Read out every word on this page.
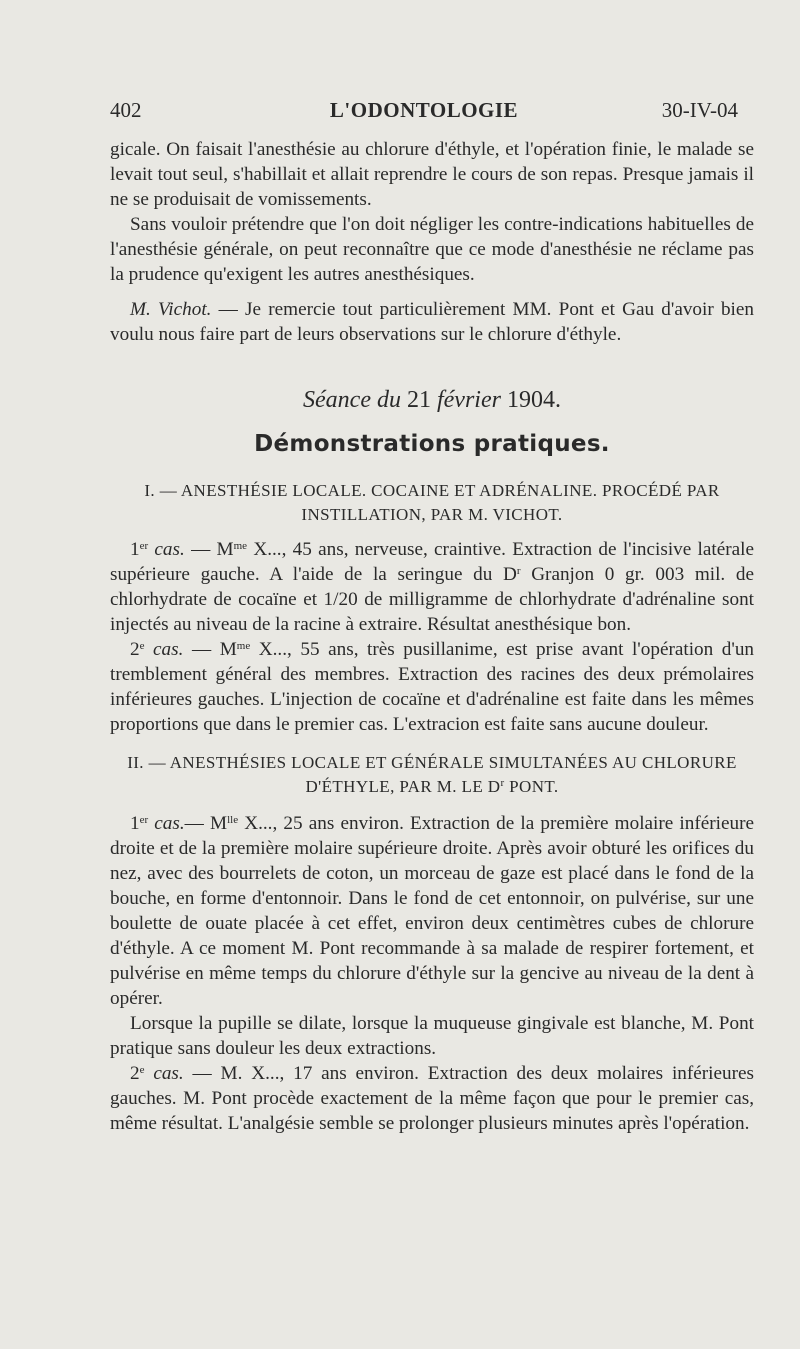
402	L'ODONTOLOGIE	30-IV-04

gicale. On faisait l'anesthésie au chlorure d'éthyle, et l'opération finie, le malade se levait tout seul, s'habillait et allait reprendre le cours de son repas. Presque jamais il ne se produisait de vomissements.

Sans vouloir prétendre que l'on doit négliger les contre-indications habituelles de l'anesthésie générale, on peut reconnaître que ce mode d'anesthésie ne réclame pas la prudence qu'exigent les autres anesthésiques.

M. Vichot. — Je remercie tout particulièrement MM. Pont et Gau d'avoir bien voulu nous faire part de leurs observations sur le chlorure d'éthyle.

Séance du 21 février 1904.
Démonstrations pratiques.
I. — ANESTHÉSIE LOCALE. COCAINE ET ADRÉNALINE. PROCÉDÉ PAR
INSTILLATION, PAR M. VICHOT.

1er cas. — $M^{me}$ X..., 45 ans, nerveuse, craintive. Extraction de l'incisive latérale supérieure gauche. A l'aide de la seringue du $D^r$ Granjon 0 gr. 003 mil. de chlorhydrate de cocaïne et 1/20 de milligramme de chlorhydrate d'adrénaline sont injectés au niveau de la racine à extraire. Résultat anesthésique bon.

2e cas. — $M^{me}$ X..., 55 ans, très pusillanime, est prise avant l'opération d'un tremblement général des membres. Extraction des racines des deux prémolaires inférieures gauches. L'injection de cocaïne et d'adrénaline est faite dans les mêmes proportions que dans le premier cas. L'extracion est faite sans aucune douleur.

II. — ANESTHÉSIES LOCALE ET GÉNÉRALE SIMULTANÉES AU CHLORURE
D'ÉTHYLE, PAR M. LE $D^r$ PONT.

1er cas.— $M^{lle}$ X..., 25 ans environ. Extraction de la première molaire inférieure droite et de la première molaire supérieure droite. Après avoir obturé les orifices du nez, avec des bourrelets de coton, un morceau de gaze est placé dans le fond de la bouche, en forme d'entonnoir. Dans le fond de cet entonnoir, on pulvérise, sur une boulette de ouate placée à cet effet, environ deux centimètres cubes de chlorure d'éthyle. A ce moment M. Pont recommande à sa malade de respirer fortement, et pulvérise en même temps du chlorure d'éthyle sur la gencive au niveau de la dent à opérer.

Lorsque la pupille se dilate, lorsque la muqueuse gingivale est blanche, M. Pont pratique sans douleur les deux extractions.

2e cas. — M. X..., 17 ans environ. Extraction des deux molaires inférieures gauches. M. Pont procède exactement de la même façon que pour le premier cas, même résultat. L'analgésie semble se prolonger plusieurs minutes après l'opération.
